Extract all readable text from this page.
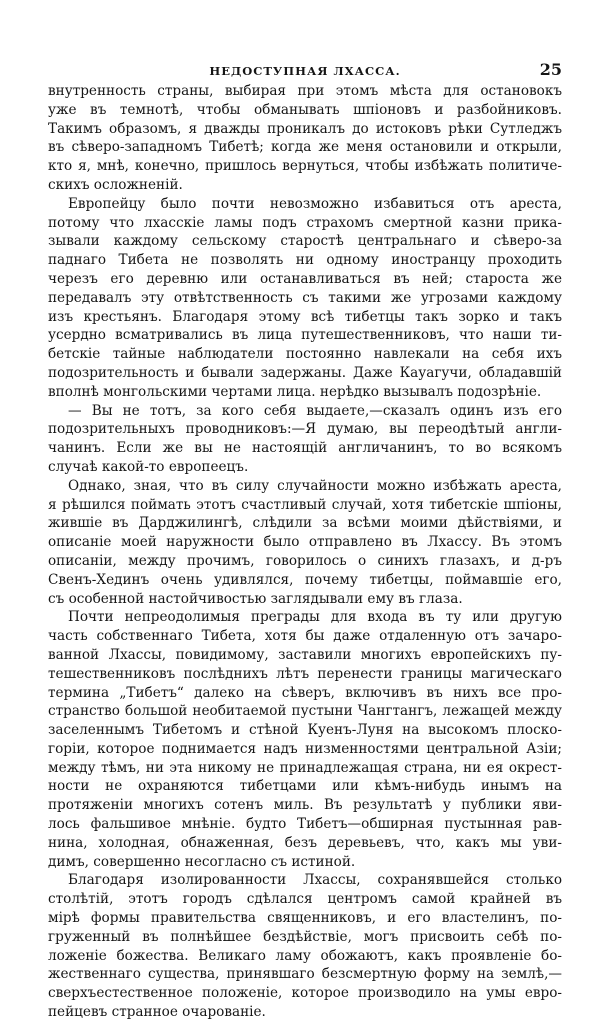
НЕДОСТУПНАЯ ЛХАССА.	25
внутренность страны, выбирая при этомъ мѣста для остановокъ
уже въ темнотѣ, чтобы обманывать шпіоновъ и разбойниковъ.
Такимъ образомъ, я дважды проникалъ до истоковъ рѣки Сутледжъ
въ сѣверо-западномъ Тибетѣ; когда же меня остановили и открыли,
кто я, мнѣ, конечно, пришлось вернуться, чтобы избѣжать политиче-
скихъ осложненій.
Европейцу было почти невозможно избавиться отъ ареста,
потому что лхасскіе ламы подъ страхомъ смертной казни прика-
зывали каждому сельскому старостѣ центральнаго и сѣверо-за
паднаго Тибета не позволять ни одному иностранцу проходить
черезъ его деревню или останавливаться въ ней; староста же
передавалъ эту отвѣтственность съ такими же угрозами каждому
изъ крестьянъ. Благодаря этому всѣ тибетцы такъ зорко и такъ
усердно всматривались въ лица путешественниковъ, что наши ти-
бетскіе тайные наблюдатели постоянно навлекали на себя ихъ
подозрительность и бывали задержаны. Даже Кауагучи, обладавшій
вполнѣ монгольскими чертами лица. нерѣдко вызывалъ подозрѣніе.
— Вы не тотъ, за кого себя выдаете,—сказалъ одинъ изъ его
подозрительныхъ проводниковъ:—Я думаю, вы переодѣтый англи-
чанинъ. Если же вы не настоящій англичанинъ, то во всякомъ
случаѣ какой-то европеецъ.
Однако, зная, что въ силу случайности можно избѣжать ареста,
я рѣшился поймать этотъ счастливый случай, хотя тибетскіе шпіоны,
жившіе въ Дарджилингѣ, слѣдили за всѣми моими дѣйствіями, и
описаніе моей наружности было отправлено въ Лхассу. Въ этомъ
описаніи, между прочимъ, говорилось о синихъ глазахъ, и д-ръ
Свенъ-Хединъ очень удивлялся, почему тибетцы, поймавшіе его,
съ особенной настойчивостью заглядывали ему въ глаза.
Почти непреодолимыя преграды для входа въ ту или другую
часть собственнаго Тибета, хотя бы даже отдаленную отъ зачаро-
ванной Лхассы, повидимому, заставили многихъ европейскихъ пу-
тешественниковъ послѣднихъ лѣтъ перенести границы магическаго
термина „Тибетъ“ далеко на сѣверъ, включивъ въ нихъ все про-
странство большой необитаемой пустыни Чангтангъ, лежащей между
заселеннымъ Тибетомъ и стѣной Куенъ-Луня на высокомъ плоско-
горіи, которое поднимается надъ низменностями центральной Азіи;
между тѣмъ, ни эта никому не принадлежащая страна, ни ея окрест-
ности не охраняются тибетцами или кѣмъ-нибудь инымъ на
протяженіи многихъ сотенъ миль. Въ результатѣ у публики яви-
лось фальшивое мнѣніе. будто Тибетъ—обширная пустынная рав-
нина, холодная, обнаженная, безъ деревьевъ, что, какъ мы уви-
димъ, совершенно несогласно съ истиной.
Благодаря изолированности Лхассы, сохранявшейся столько
столѣтій, этотъ городъ сдѣлался центромъ самой крайней въ
мірѣ формы правительства священниковъ, и его властелинъ, по-
груженный въ полнѣйшее бездѣйствіе, могъ присвоить себѣ по-
ложеніе божества. Великаго ламу обожаютъ, какъ проявленіе бо-
жественнаго существа, принявшаго безсмертную форму на землѣ,—
сверхъестественное положеніе, которое производило на умы евро-
пейцевъ странное очарованіе.
